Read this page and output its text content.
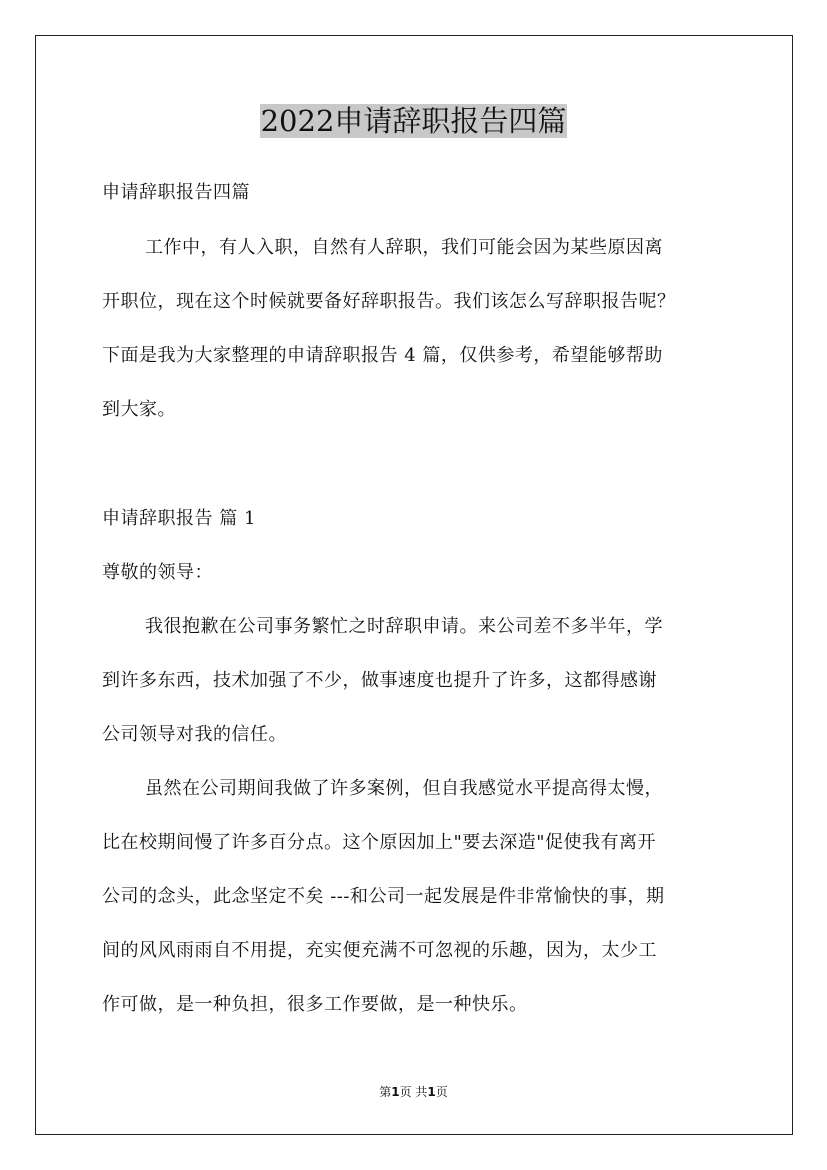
2022申请辞职报告四篇
申请辞职报告四篇
工作中，有人入职，自然有人辞职，我们可能会因为某些原因离
开职位，现在这个时候就要备好辞职报告。我们该怎么写辞职报告呢？
下面是我为大家整理的申请辞职报告 4 篇，仅供参考，希望能够帮助
到大家。
申请辞职报告 篇 1
尊敬的领导：
我很抱歉在公司事务繁忙之时辞职申请。来公司差不多半年，学
到许多东西，技术加强了不少，做事速度也提升了许多，这都得感谢
公司领导对我的信任。
虽然在公司期间我做了许多案例，但自我感觉水平提高得太慢，
比在校期间慢了许多百分点。这个原因加上"要去深造"促使我有离开
公司的念头，此念坚定不矣 ---和公司一起发展是件非常愉快的事，期
间的风风雨雨自不用提，充实便充满不可忽视的乐趣，因为，太少工
作可做，是一种负担，很多工作要做，是一种快乐。
第1页 共1页
